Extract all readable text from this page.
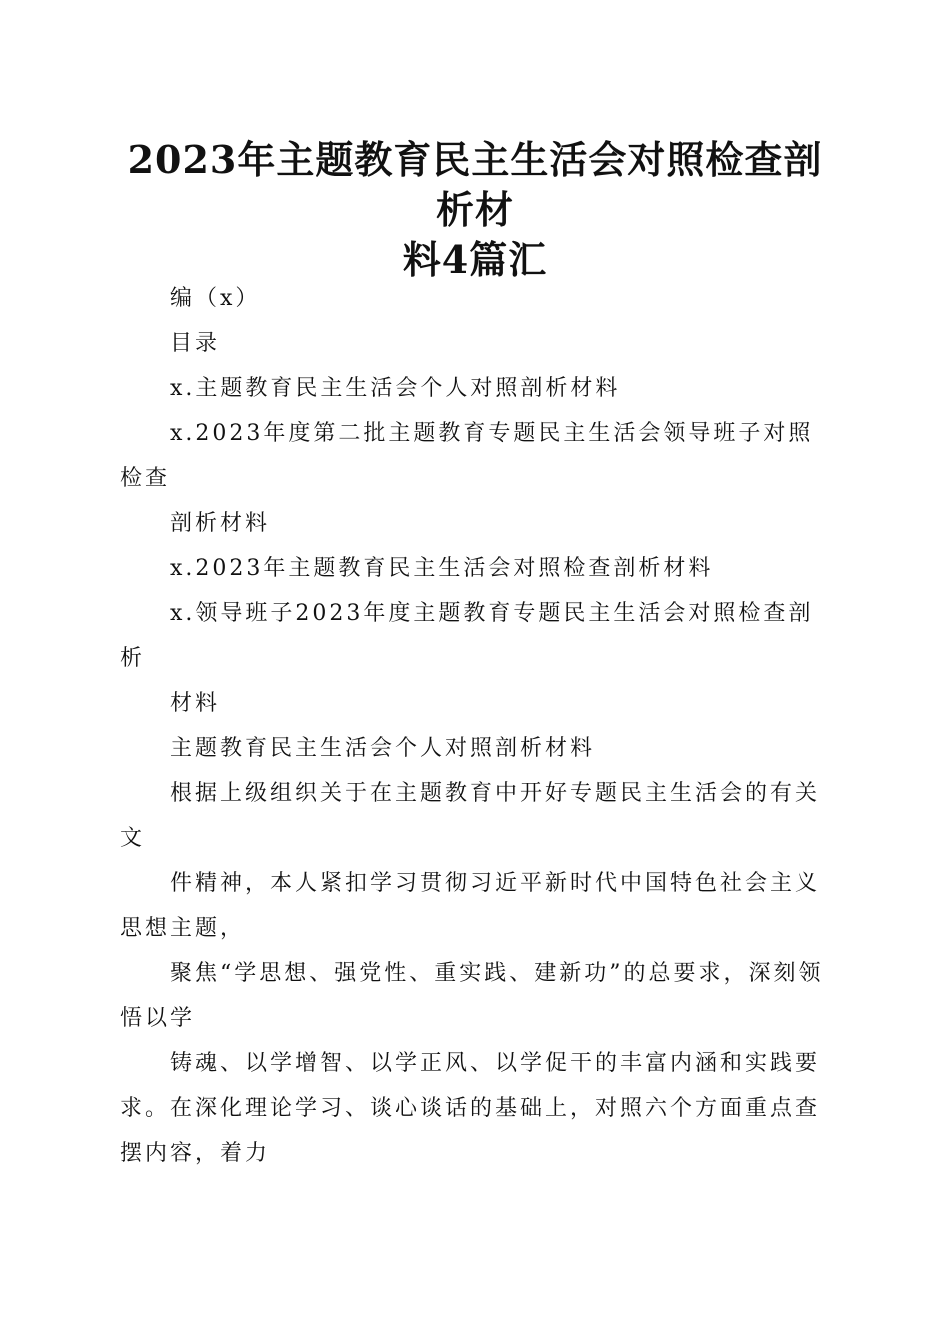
2023年主题教育民主生活会对照检查剖析材
料4篇汇

编（x）

目录

x.主题教育民主生活会个人对照剖析材料

x.2023年度第二批主题教育专题民主生活会领导班子对照检查

剖析材料

x.2023年主题教育民主生活会对照检查剖析材料

x.领导班子2023年度主题教育专题民主生活会对照检查剖析

材料

主题教育民主生活会个人对照剖析材料

根据上级组织关于在主题教育中开好专题民主生活会的有关文

件精神，本人紧扣学习贯彻习近平新时代中国特色社会主义思想主题，

聚焦“学思想、强党性、重实践、建新功”的总要求，深刻领悟以学

铸魂、以学增智、以学正风、以学促干的丰富内涵和实践要求。在深化理论学习、谈心谈话的基础上，对照六个方面重点查摆内容，着力
